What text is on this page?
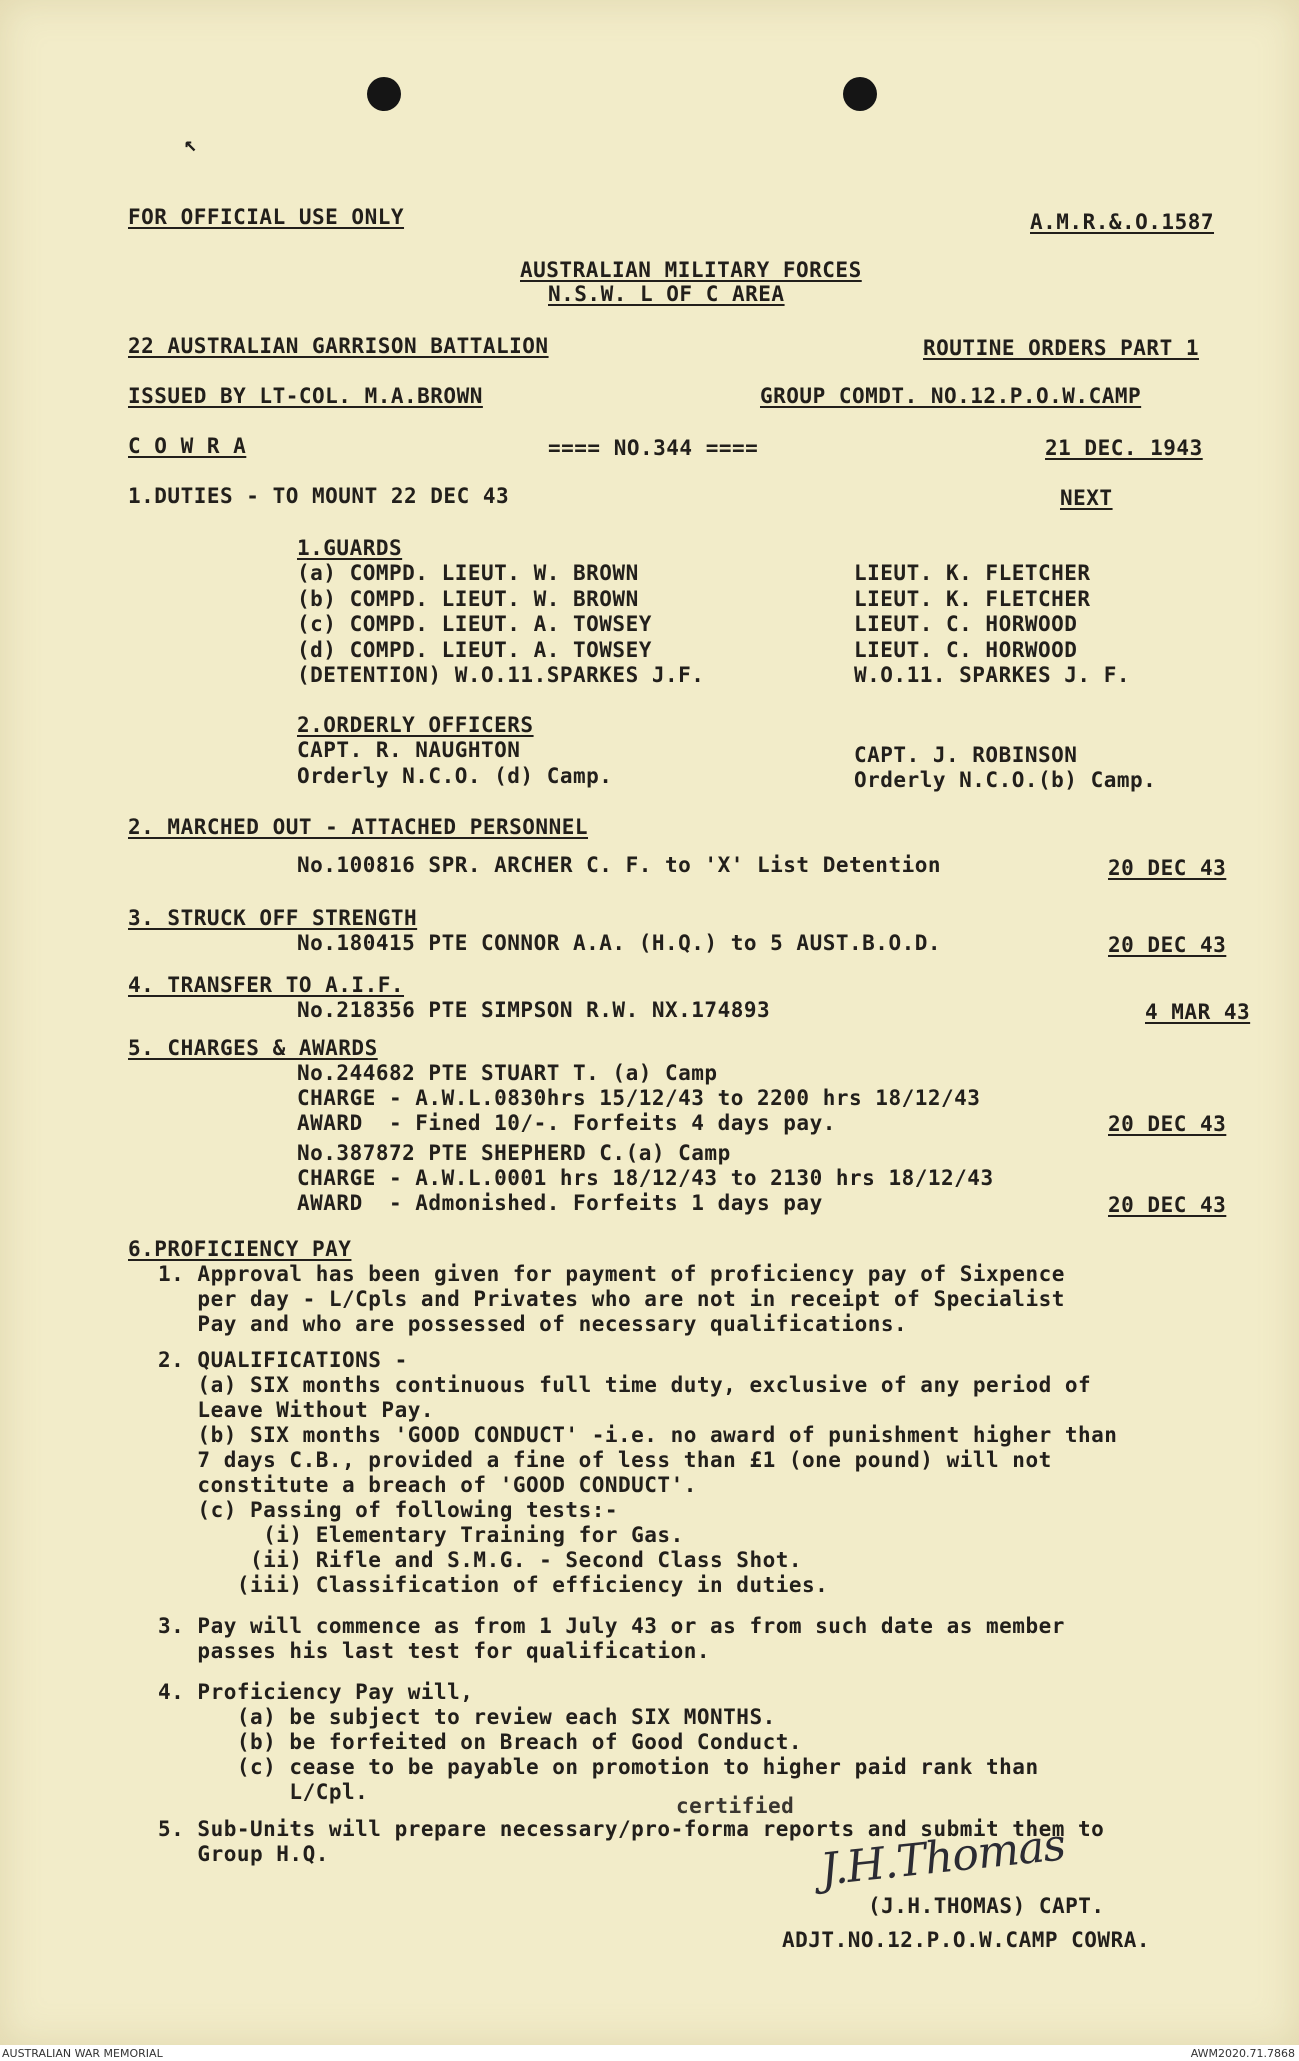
↖
FOR OFFICIAL USE ONLY	A.M.R.&.O.1587
AUSTRALIAN MILITARY FORCES
N.S.W. L OF C AREA
22 AUSTRALIAN GARRISON BATTALION	ROUTINE ORDERS PART 1
ISSUED BY LT-COL. M.A.BROWN	GROUP COMDT. NO.12.P.O.W.CAMP
C O W R A	==== NO.344 ====	21 DEC. 1943
1.DUTIES - TO MOUNT 22 DEC 43	NEXT
1.GUARDS
(a) COMPD. LIEUT. W. BROWN	LIEUT. K. FLETCHER
(b) COMPD. LIEUT. W. BROWN	LIEUT. K. FLETCHER
(c) COMPD. LIEUT. A. TOWSEY	LIEUT. C. HORWOOD
(d) COMPD. LIEUT. A. TOWSEY	LIEUT. C. HORWOOD
(DETENTION) W.O.11.SPARKES J.F.	W.O.11. SPARKES J. F.
2.ORDERLY OFFICERS
CAPT. R. NAUGHTON	CAPT. J. ROBINSON
Orderly N.C.O. (d) Camp.	Orderly N.C.O.(b) Camp.
2. MARCHED OUT - ATTACHED PERSONNEL
No.100816 SPR. ARCHER C. F. to 'X' List Detention	20 DEC 43
3. STRUCK OFF STRENGTH
No.180415 PTE CONNOR A.A. (H.Q.) to 5 AUST.B.O.D.	20 DEC 43
4. TRANSFER TO A.I.F.
No.218356 PTE SIMPSON R.W. NX.174893	4 MAR 43
5. CHARGES & AWARDS
No.244682 PTE STUART T. (a) Camp
CHARGE - A.W.L.0830hrs 15/12/43 to 2200 hrs 18/12/43
AWARD  - Fined 10/-. Forfeits 4 days pay.	20 DEC 43
No.387872 PTE SHEPHERD C.(a) Camp
CHARGE - A.W.L.0001 hrs 18/12/43 to 2130 hrs 18/12/43
AWARD  - Admonished. Forfeits 1 days pay	20 DEC 43
6.PROFICIENCY PAY
1. Approval has been given for payment of proficiency pay of Sixpence
per day - L/Cpls and Privates who are not in receipt of Specialist
Pay and who are possessed of necessary qualifications.
2. QUALIFICATIONS -
(a) SIX months continuous full time duty, exclusive of any period of
Leave Without Pay.
(b) SIX months 'GOOD CONDUCT' -i.e. no award of punishment higher than
7 days C.B., provided a fine of less than £1 (one pound) will not
constitute a breach of 'GOOD CONDUCT'.
(c) Passing of following tests:-
(i) Elementary Training for Gas.
(ii) Rifle and S.M.G. - Second Class Shot.
(iii) Classification of efficiency in duties.
3. Pay will commence as from 1 July 43 or as from such date as member
passes his last test for qualification.
4. Proficiency Pay will,
(a) be subject to review each SIX MONTHS.
(b) be forfeited on Breach of Good Conduct.
(c) cease to be payable on promotion to higher paid rank than
L/Cpl.
certified
5. Sub-Units will prepare necessary/pro-forma reports and submit them to
Group H.Q.	J.H.Thomas
(J.H.THOMAS) CAPT.
ADJT.NO.12.P.O.W.CAMP COWRA.
AUSTRALIAN WAR MEMORIAL	AWM2020.71.7868
